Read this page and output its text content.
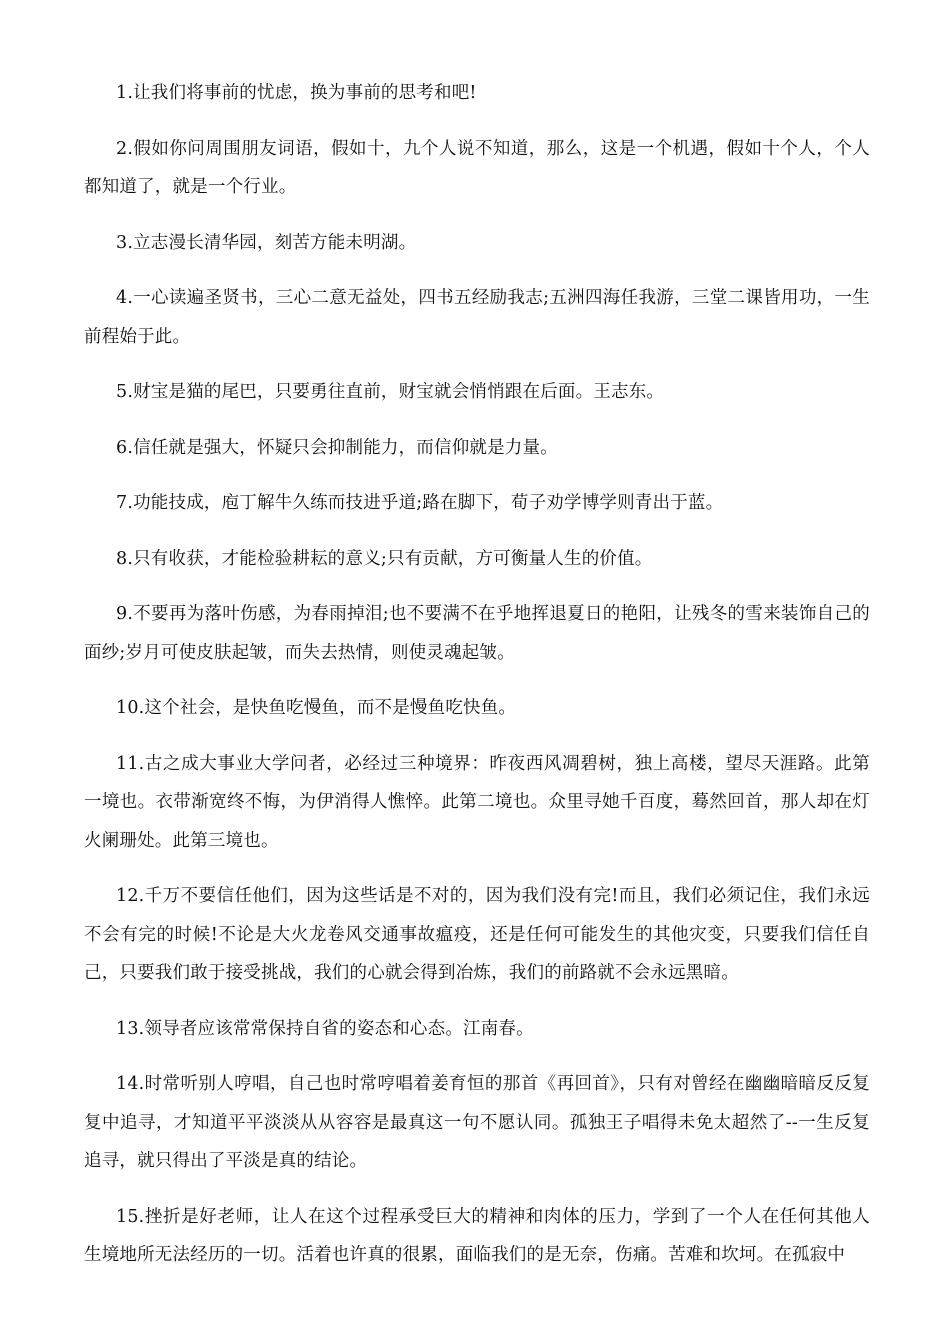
1.让我们将事前的忧虑，换为事前的思考和吧!

2.假如你问周围朋友词语，假如十，九个人说不知道，那么，这是一个机遇，假如十个人，个人都知道了，就是一个行业。

3.立志漫长清华园，刻苦方能未明湖。

4.一心读遍圣贤书，三心二意无益处，四书五经励我志;五洲四海任我游，三堂二课皆用功，一生前程始于此。

5.财宝是猫的尾巴，只要勇往直前，财宝就会悄悄跟在后面。王志东。

6.信任就是强大，怀疑只会抑制能力，而信仰就是力量。

7.功能技成，庖丁解牛久练而技进乎道;路在脚下，荀子劝学博学则青出于蓝。

8.只有收获，才能检验耕耘的意义;只有贡献，方可衡量人生的价值。

9.不要再为落叶伤感，为春雨掉泪;也不要满不在乎地挥退夏日的艳阳，让残冬的雪来装饰自己的面纱;岁月可使皮肤起皱，而失去热情，则使灵魂起皱。

10.这个社会，是快鱼吃慢鱼，而不是慢鱼吃快鱼。

11.古之成大事业大学问者，必经过三种境界：昨夜西风凋碧树，独上高楼，望尽天涯路。此第一境也。衣带渐宽终不悔，为伊消得人憔悴。此第二境也。众里寻她千百度，蓦然回首，那人却在灯火阑珊处。此第三境也。

12.千万不要信任他们，因为这些话是不对的，因为我们没有完!而且，我们必须记住，我们永远不会有完的时候!不论是大火龙卷风交通事故瘟疫，还是任何可能发生的其他灾变，只要我们信任自己，只要我们敢于接受挑战，我们的心就会得到冶炼，我们的前路就不会永远黑暗。

13.领导者应该常常保持自省的姿态和心态。江南春。

14.时常听别人哼唱，自己也时常哼唱着姜育恒的那首《再回首》，只有对曾经在幽幽暗暗反反复复中追寻，才知道平平淡淡从从容容是最真这一句不愿认同。孤独王子唱得未免太超然了--一生反复追寻，就只得出了平淡是真的结论。

15.挫折是好老师，让人在这个过程承受巨大的精神和肉体的压力，学到了一个人在任何其他人生境地所无法经历的一切。活着也许真的很累，面临我们的是无奈，伤痛。苦难和坎坷。在孤寂中
